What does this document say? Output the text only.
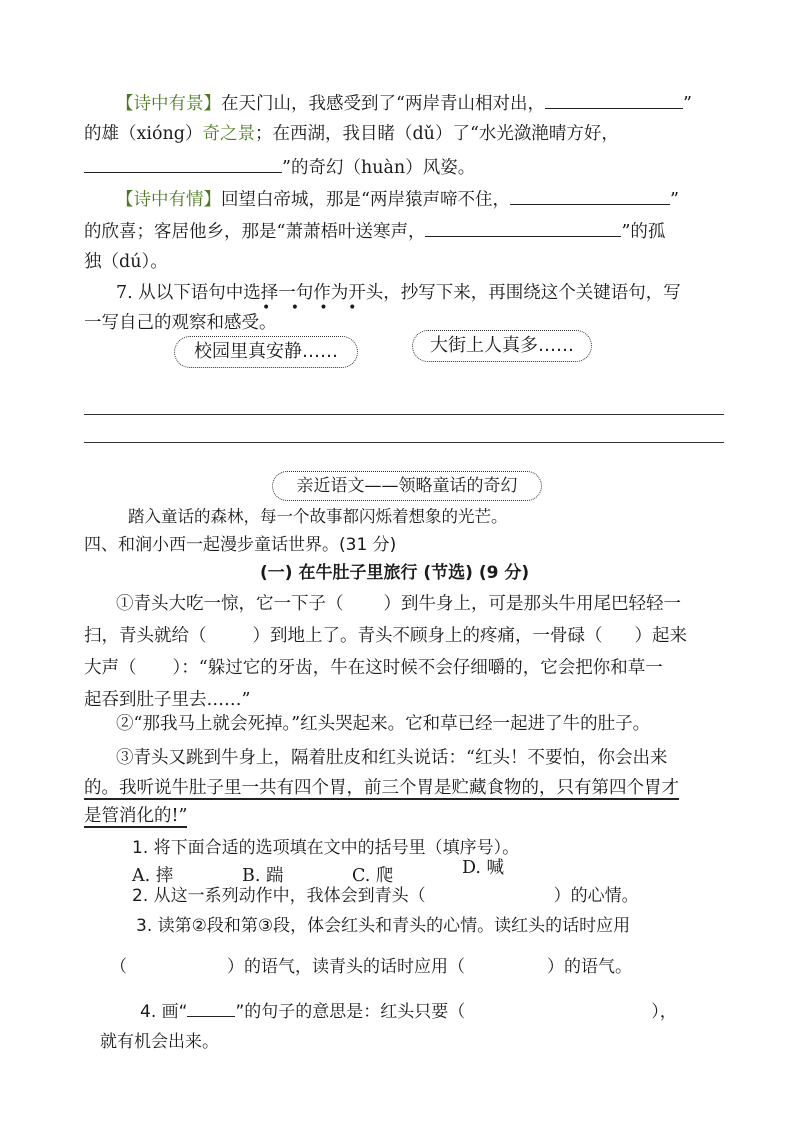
【诗中有景】在天门山，我感受到了“两岸青山相对出，	”
的雄（xióng）奇之景；在西湖，我目睹（dǔ）了“水光潋滟晴方好，
”的奇幻（huàn）风姿。
【诗中有情】回望白帝城，那是“两岸猿声啼不住，	”
的欣喜；客居他乡，那是“萧萧梧叶送寒声，	”的孤
独（dú）。
7. 从以下语句中选择一句作为开头，抄写下来，再围绕这个关键语句，写
• • • •
一写自己的观察和感受。
校园里真安静……	大街上人真多……
亲近语文——领略童话的奇幻
踏入童话的森林，每一个故事都闪烁着想象的光芒。
四、和涧小西一起漫步童话世界。(31 分)
(一) 在牛肚子里旅行 (节选) (9 分)
①青头大吃一惊，它一下子（ ）到牛身上，可是那头牛用尾巴轻轻一
扫，青头就给（	）到地上了。青头不顾身上的疼痛，一骨碌（ ）起来
大声（ ）：“躲过它的牙齿，牛在这时候不会仔细嚼的，它会把你和草一
起吞到肚子里去……”
②“那我马上就会死掉。”红头哭起来。它和草已经一起进了牛的肚子。
③青头又跳到牛身上，隔着肚皮和红头说话：“红头！不要怕，你会出来
的。我听说牛肚子里一共有四个胃，前三个胃是贮藏食物的，只有第四个胃才
是管消化的!”
1. 将下面合适的选项填在文中的括号里（填序号）。
A. 摔	B. 踹	C. 爬	D. 喊
2. 从这一系列动作中，我体会到青头（	）的心情。
3. 读第②段和第③段，体会红头和青头的心情。读红头的话时应用
（	）的语气，读青头的话时应用（	）的语气。
4. 画“	”的句子的意思是：红头只要（	），
就有机会出来。
